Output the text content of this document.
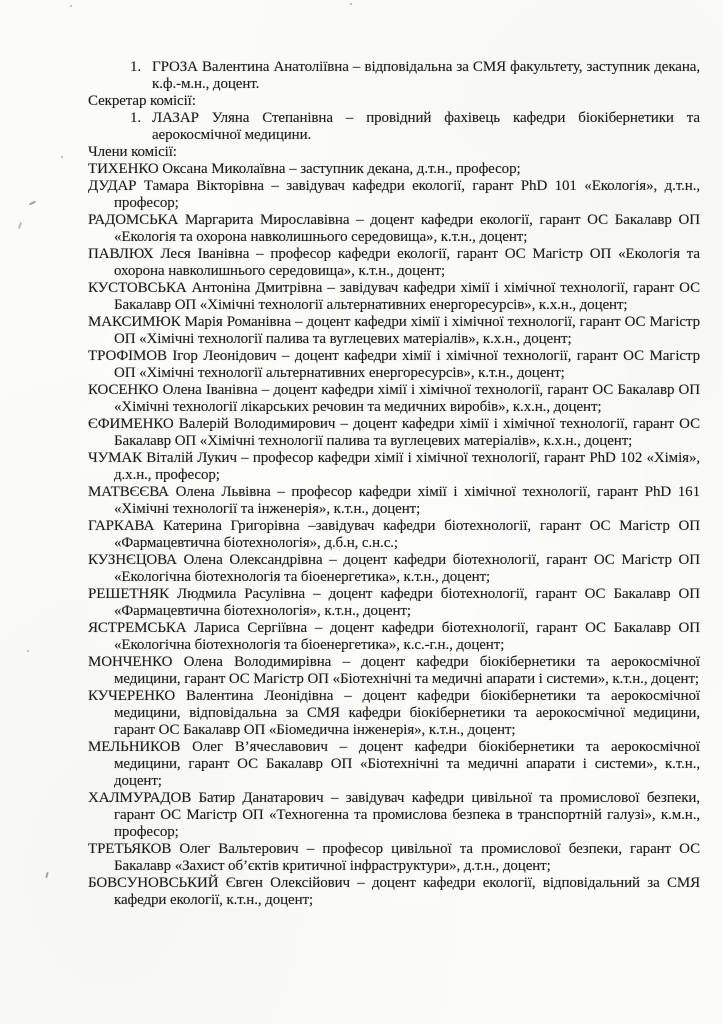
1. ГРОЗА Валентина Анатоліївна – відповідальна за СМЯ факультету, заступник декана, к.ф.-м.н., доцент.

Секретар комісії:

1. ЛАЗАР Уляна Степанівна – провідний фахівець кафедри біокібернетики та аерокосмічної медицини.

Члени комісії:

ТИХЕНКО Оксана Миколаївна – заступник декана, д.т.н., професор;

ДУДАР Тамара Вікторівна – завідувач кафедри екології, гарант PhD 101 «Екологія», д.т.н., професор;

РАДОМСЬКА Маргарита Мирославівна – доцент кафедри екології, гарант ОС Бакалавр ОП «Екологія та охорона навколишнього середовища», к.т.н., доцент;

ПАВЛЮХ Леся Іванівна – професор кафедри екології, гарант ОС Магістр ОП «Екологія та охорона навколишнього середовища», к.т.н., доцент;

КУСТОВСЬКА Антоніна Дмитрівна – завідувач кафедри хімії і хімічної технології, гарант ОС Бакалавр ОП «Хімічні технології альтернативних енергоресурсів», к.х.н., доцент;

МАКСИМЮК Марія Романівна – доцент кафедри хімії і хімічної технології, гарант ОС Магістр ОП «Хімічні технології палива та вуглецевих матеріалів», к.х.н., доцент;

ТРОФІМОВ Ігор Леонідович – доцент кафедри хімії і хімічної технології, гарант ОС Магістр ОП «Хімічні технології альтернативних енергоресурсів», к.т.н., доцент;

КОСЕНКО Олена Іванівна – доцент кафедри хімії і хімічної технології, гарант ОС Бакалавр ОП «Хімічні технології лікарських речовин та медичних виробів», к.х.н., доцент;

ЄФИМЕНКО Валерій Володимирович – доцент кафедри хімії і хімічної технології, гарант ОС Бакалавр ОП «Хімічні технології палива та вуглецевих матеріалів», к.х.н., доцент;

ЧУМАК Віталій Лукич – професор кафедри хімії і хімічної технології, гарант PhD 102 «Хімія», д.х.н., професор;

МАТВЄЄВА Олена Львівна – професор кафедри хімії і хімічної технології, гарант PhD 161 «Хімічні технології та інженерія», к.т.н., доцент;

ГАРКАВА Катерина Григорівна –завідувач кафедри біотехнології, гарант ОС Магістр ОП «Фармацевтична біотехнологія», д.б.н, с.н.с.;

КУЗНЄЦОВА Олена Олександрівна – доцент кафедри біотехнології, гарант ОС Магістр ОП «Екологічна біотехнологія та біоенергетика», к.т.н., доцент;

РЕШЕТНЯК Людмила Расулівна – доцент кафедри біотехнології, гарант ОС Бакалавр ОП «Фармацевтична біотехнологія», к.т.н., доцент;

ЯСТРЕМСЬКА Лариса Сергіївна – доцент кафедри біотехнології, гарант ОС Бакалавр ОП «Екологічна біотехнологія та біоенергетика», к.с.-г.н., доцент;

МОНЧЕНКО Олена Володимирівна – доцент кафедри біокібернетики та аерокосмічної медицини, гарант ОС Магістр ОП «Біотехнічні та медичні апарати і системи», к.т.н., доцент;

КУЧЕРЕНКО Валентина Леонідівна – доцент кафедри біокібернетики та аерокосмічної медицини, відповідальна за СМЯ кафедри біокібернетики та аерокосмічної медицини, гарант ОС Бакалавр ОП «Біомедична інженерія», к.т.н., доцент;

МЕЛЬНИКОВ Олег В’ячеславович – доцент кафедри біокібернетики та аерокосмічної медицини, гарант ОС Бакалавр ОП «Біотехнічні та медичні апарати і системи», к.т.н., доцент;

ХАЛМУРАДОВ Батир Данатарович – завідувач кафедри цивільної та промислової безпеки, гарант ОС Магістр ОП «Техногенна та промислова безпека в транспортній галузі», к.м.н., професор;

ТРЕТЬЯКОВ Олег Вальтерович – професор цивільної та промислової безпеки, гарант ОС Бакалавр «Захист об’єктів критичної інфраструктури», д.т.н., доцент;

БОВСУНОВСЬКИЙ Євген Олексійович – доцент кафедри екології, відповідальний за СМЯ кафедри екології, к.т.н., доцент;
